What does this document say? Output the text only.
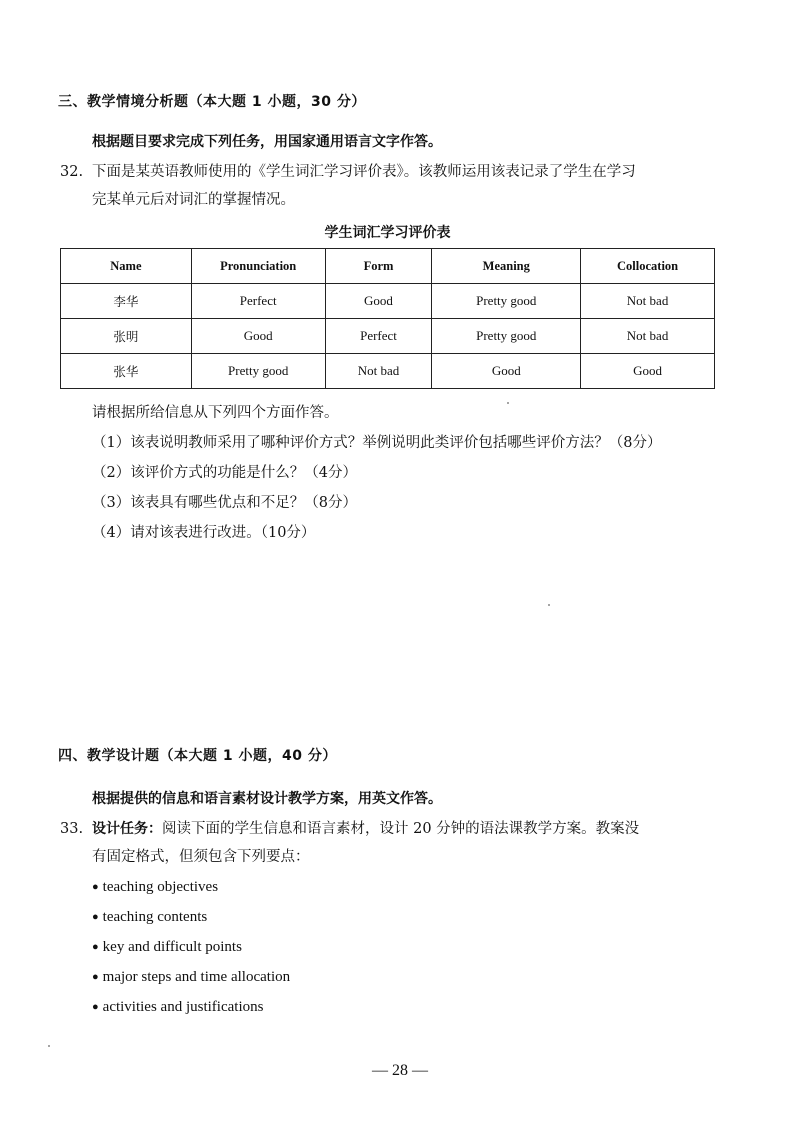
三、教学情境分析题（本大题 1 小题，30 分）
根据题目要求完成下列任务，用国家通用语言文字作答。
32. 下面是某英语教师使用的《学生词汇学习评价表》。该教师运用该表记录了学生在学习
完某单元后对词汇的掌握情况。
学生词汇学习评价表
Name	Pronunciation	Form	Meaning	Collocation
李华	Perfect	Good	Pretty good	Not bad
张明	Good	Perfect	Pretty good	Not bad
张华	Pretty good	Not bad	Good	Good
请根据所给信息从下列四个方面作答。
（1）该表说明教师采用了哪种评价方式？举例说明此类评价包括哪些评价方法？（8分）
（2）该评价方式的功能是什么？（4分）
（3）该表具有哪些优点和不足？（8分）
（4）请对该表进行改进。（10分）
四、教学设计题（本大题 1 小题，40 分）
根据提供的信息和语言素材设计教学方案，用英文作答。
33. 设计任务：阅读下面的学生信息和语言素材，设计 20 分钟的语法课教学方案。教案没
有固定格式，但须包含下列要点：
● teaching objectives
● teaching contents
● key and difficult points
● major steps and time allocation
● activities and justifications
— 28 —
